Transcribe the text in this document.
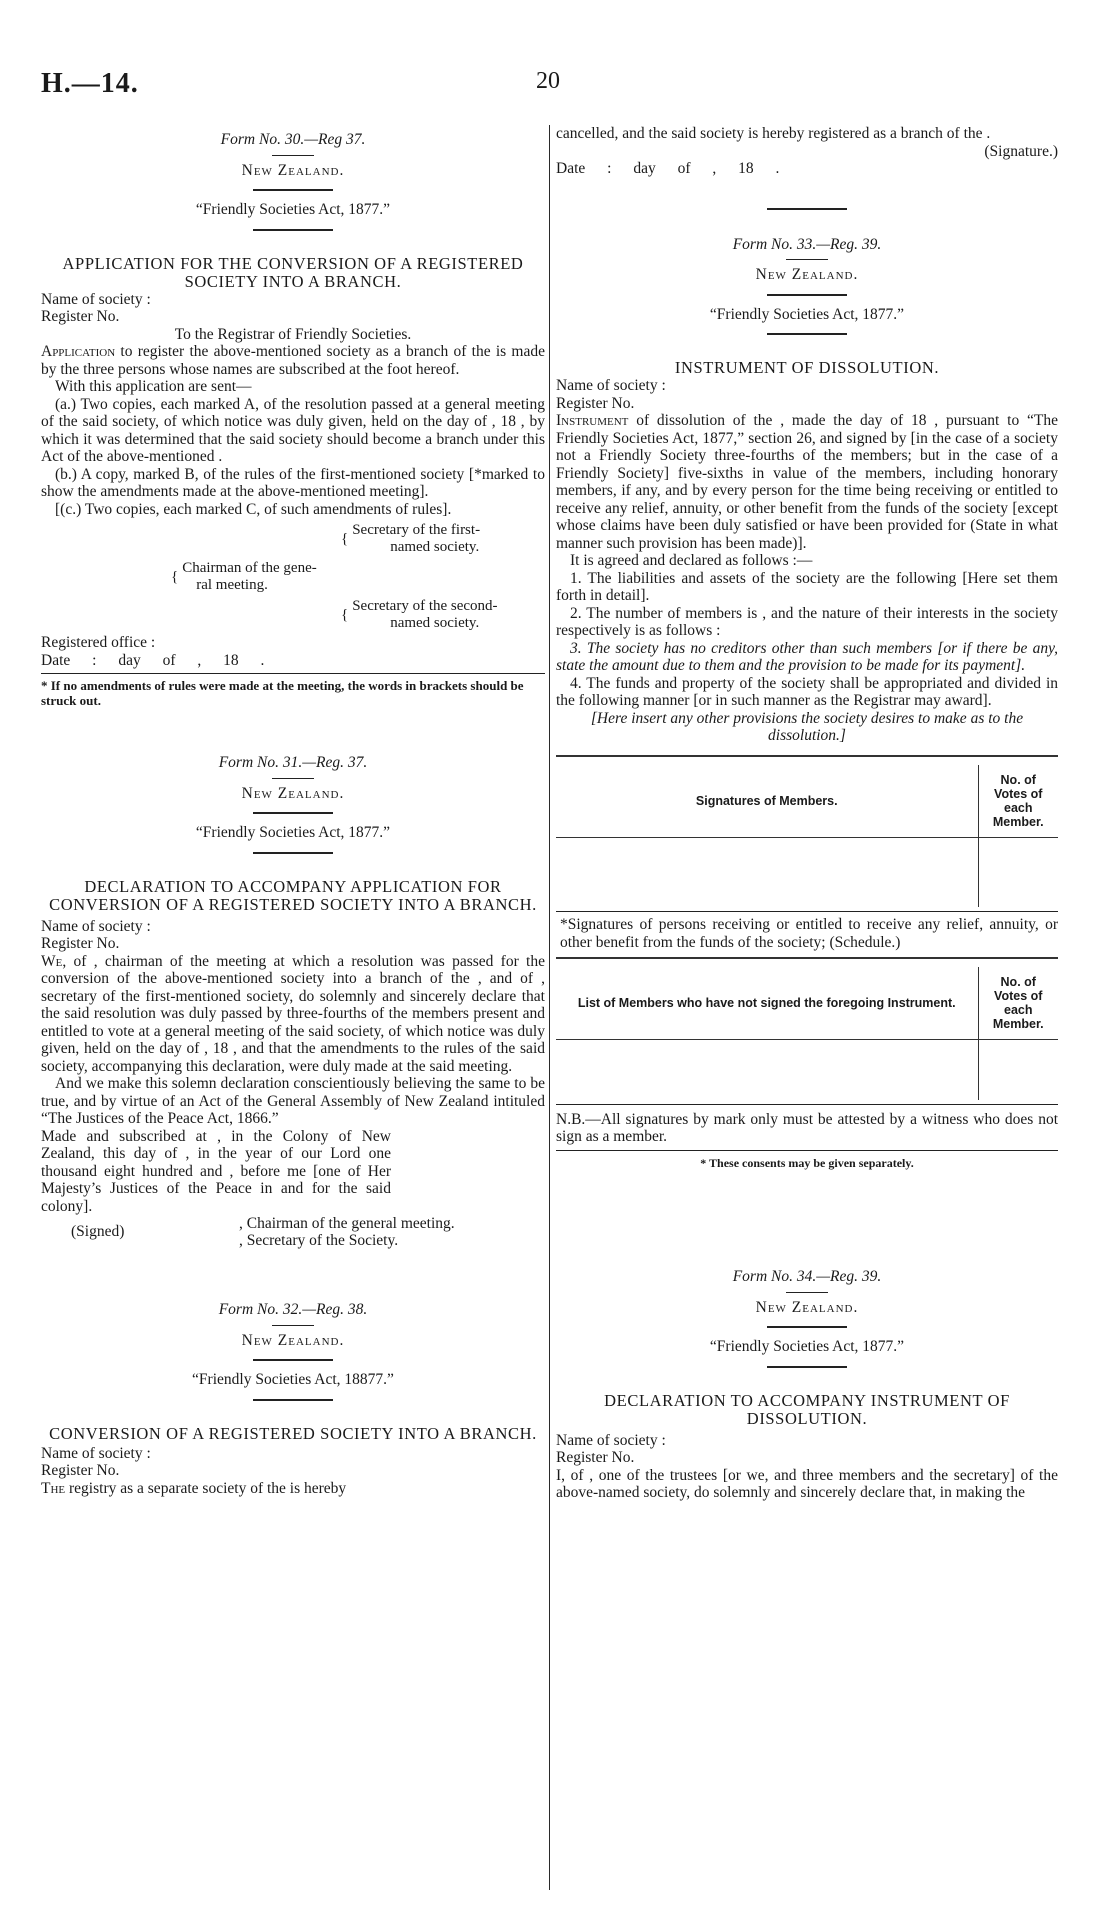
H.—14.	20
Form No. 30.—Reg 37.
New Zealand.
“Friendly Societies Act, 1877.”
APPLICATION FOR THE CONVERSION OF A REGISTERED SOCIETY INTO A BRANCH.
Name of society :
Register No.
To the Registrar of Friendly Societies.
Application to register the above-mentioned society as a branch of the is made by the three persons whose names are subscribed at the foot hereof.
With this application are sent—
(a.) Two copies, each marked A, of the resolution passed at a general meeting of the said society, of which notice was duly given, held on the day of , 18 , by which it was determined that the said society should become a branch under this Act of the above-mentioned .
(b.) A copy, marked B, of the rules of the first-mentioned society [*marked to show the amendments made at the above-mentioned meeting].
[(c.) Two copies, each marked C, of such amendments of rules].
{
Secretary of the first-
named society.
{
Chairman of the gene-
ral meeting.
{
Secretary of the second-
named society.
Registered office :
Date : day of , 18 .
* If no amendments of rules were made at the meeting, the words in brackets should be struck out.
Form No. 31.—Reg. 37.
New Zealand.
“Friendly Societies Act, 1877.”
DECLARATION TO ACCOMPANY APPLICATION FOR CONVERSION OF A REGISTERED SOCIETY INTO A BRANCH.
Name of society :
Register No.
We, of , chairman of the meeting at which a resolution was passed for the conversion of the above-mentioned society into a branch of the , and of , secretary of the first-mentioned society, do solemnly and sincerely declare that the said resolution was duly passed by three-fourths of the members present and entitled to vote at a general meeting of the said society, of which notice was duly given, held on the day of , 18 , and that the amendments to the rules of the said society, accompanying this declaration, were duly made at the said meeting.
And we make this solemn declaration conscientiously believing the same to be true, and by virtue of an Act of the General Assembly of New Zealand intituled “The Justices of the Peace Act, 1866.”
Made and subscribed at , in the Colony of New Zealand, this day of , in the year of our Lord one thousand eight hundred and , before me [one of Her Majesty’s Justices of the Peace in and for the said colony].
(Signed)	, Chairman of the general meeting.
, Secretary of the Society.
Form No. 32.—Reg. 38.
New Zealand.
“Friendly Societies Act, 18877.”
CONVERSION OF A REGISTERED SOCIETY INTO A BRANCH.
Name of society :
Register No.
The registry as a separate society of the is hereby
cancelled, and the said society is hereby registered as a branch of the .
(Signature.)
Date : day of , 18 .
Form No. 33.—Reg. 39.
New Zealand.
“Friendly Societies Act, 1877.”
INSTRUMENT OF DISSOLUTION.
Name of society :
Register No.
Instrument of dissolution of the , made the day of 18 , pursuant to “The Friendly Societies Act, 1877,” section 26, and signed by [in the case of a society not a Friendly Society three-fourths of the members; but in the case of a Friendly Society] five-sixths in value of the members, including honorary members, if any, and by every person for the time being receiving or entitled to receive any relief, annuity, or other benefit from the funds of the society [except whose claims have been duly satisfied or have been provided for (State in what manner such provision has been made)].
It is agreed and declared as follows :—
1. The liabilities and assets of the society are the following [Here set them forth in detail].
2. The number of members is , and the nature of their interests in the society respectively is as follows :
3. The society has no creditors other than such members [or if there be any, state the amount due to them and the provision to be made for its payment].
4. The funds and property of the society shall be appropriated and divided in the following manner [or in such manner as the Registrar may award].
[Here insert any other provisions the society desires to make as to the dissolution.]
Signatures of Members.	No. of Votes of each Member.

*Signatures of persons receiving or entitled to receive any relief, annuity, or other benefit from the funds of the society; (Schedule.)
List of Members who have not signed the foregoing Instrument.	No. of Votes of each Member.

N.B.—All signatures by mark only must be attested by a witness who does not sign as a member.
* These consents may be given separately.
Form No. 34.—Reg. 39.
New Zealand.
“Friendly Societies Act, 1877.”
DECLARATION TO ACCOMPANY INSTRUMENT OF DISSOLUTION.
Name of society :
Register No.
I, of , one of the trustees [or we, and three members and the secretary] of the above-named society, do solemnly and sincerely declare that, in making the
